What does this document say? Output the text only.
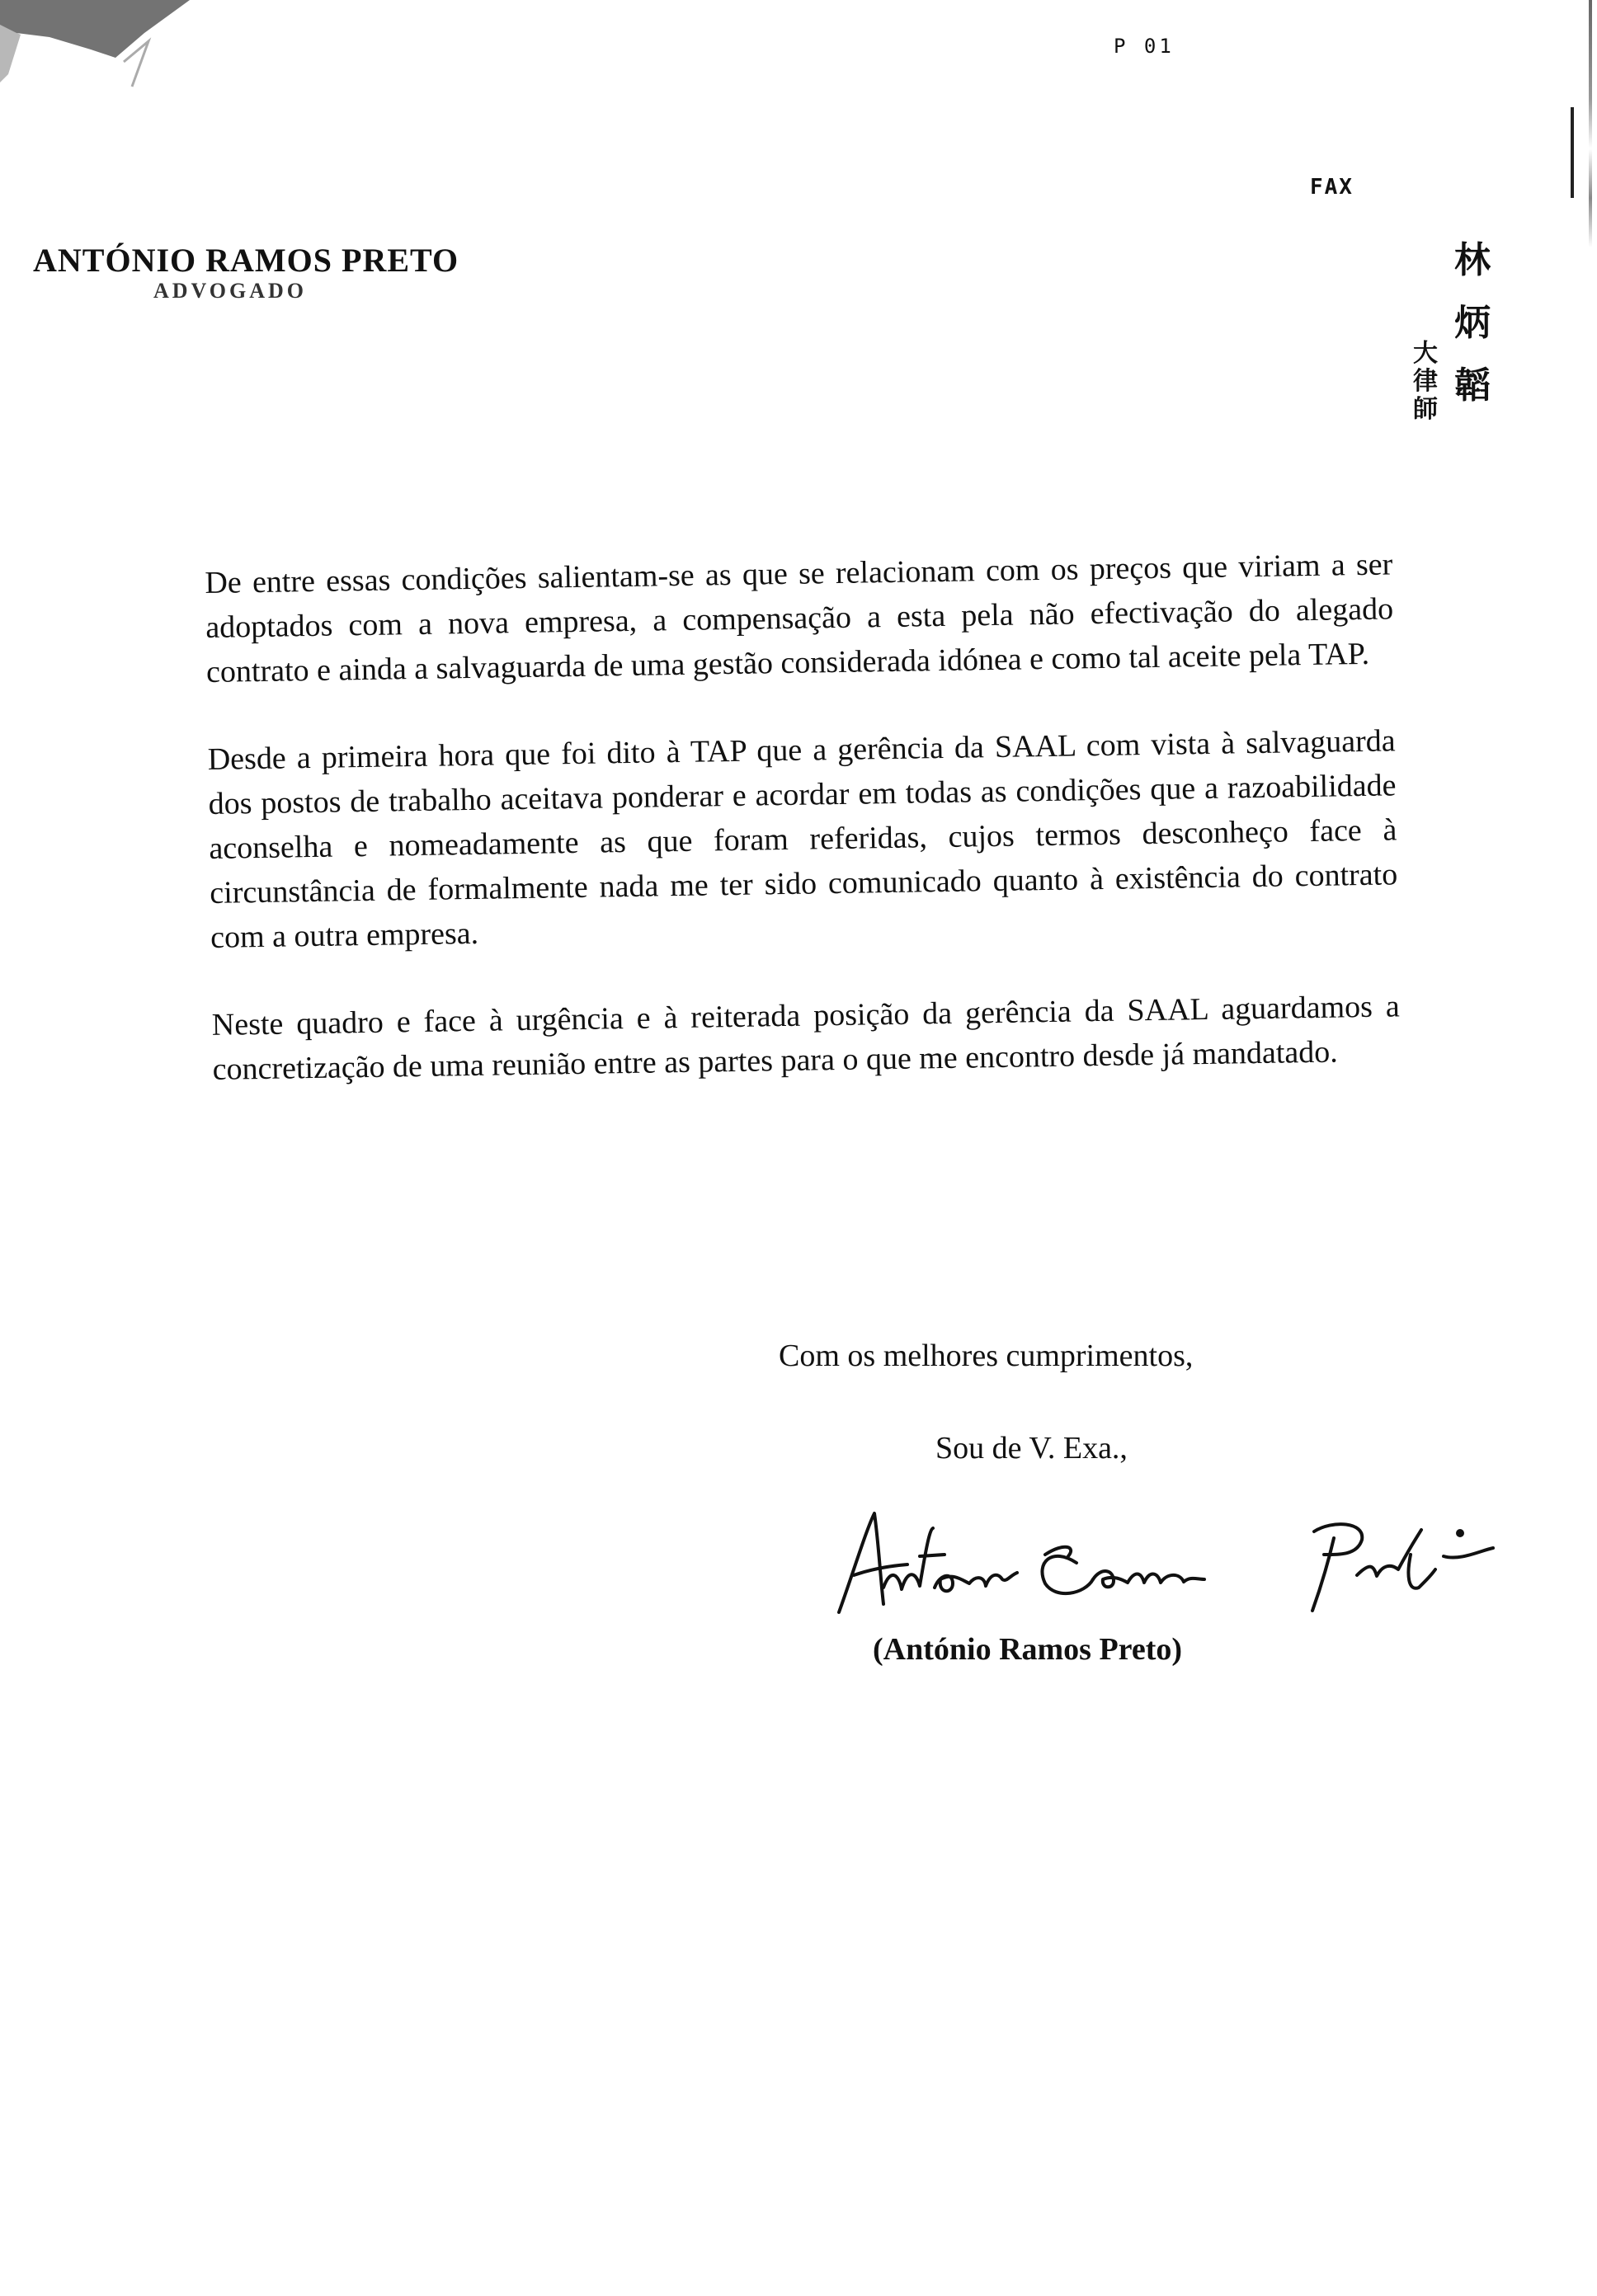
P 01
FAX
ANTÓNIO RAMOS PRETO
ADVOGADO
林
炳
韜
大
律
師

De entre essas condições salientam-se as que se relacionam com os preços que viriam a ser adoptados com a nova empresa, a compensação a esta pela não efectivação do alegado contrato e ainda a salvaguarda de uma gestão considerada idónea e como tal aceite pela TAP.

Desde a primeira hora que foi dito à TAP que a gerência da SAAL com vista à salvaguarda dos postos de trabalho aceitava ponderar e acordar em todas as condições que a razoabilidade aconselha e nomeadamente as que foram referidas, cujos termos desconheço face à circunstância de formalmente nada me ter sido comunicado quanto à existência do contrato com a outra empresa.

Neste quadro e face à urgência e à reiterada posição da gerência da SAAL aguardamos a concretização de uma reunião entre as partes para o que me encontro desde já mandatado.

Com os melhores cumprimentos,
Sou de V. Exa.,
(António Ramos Preto)
